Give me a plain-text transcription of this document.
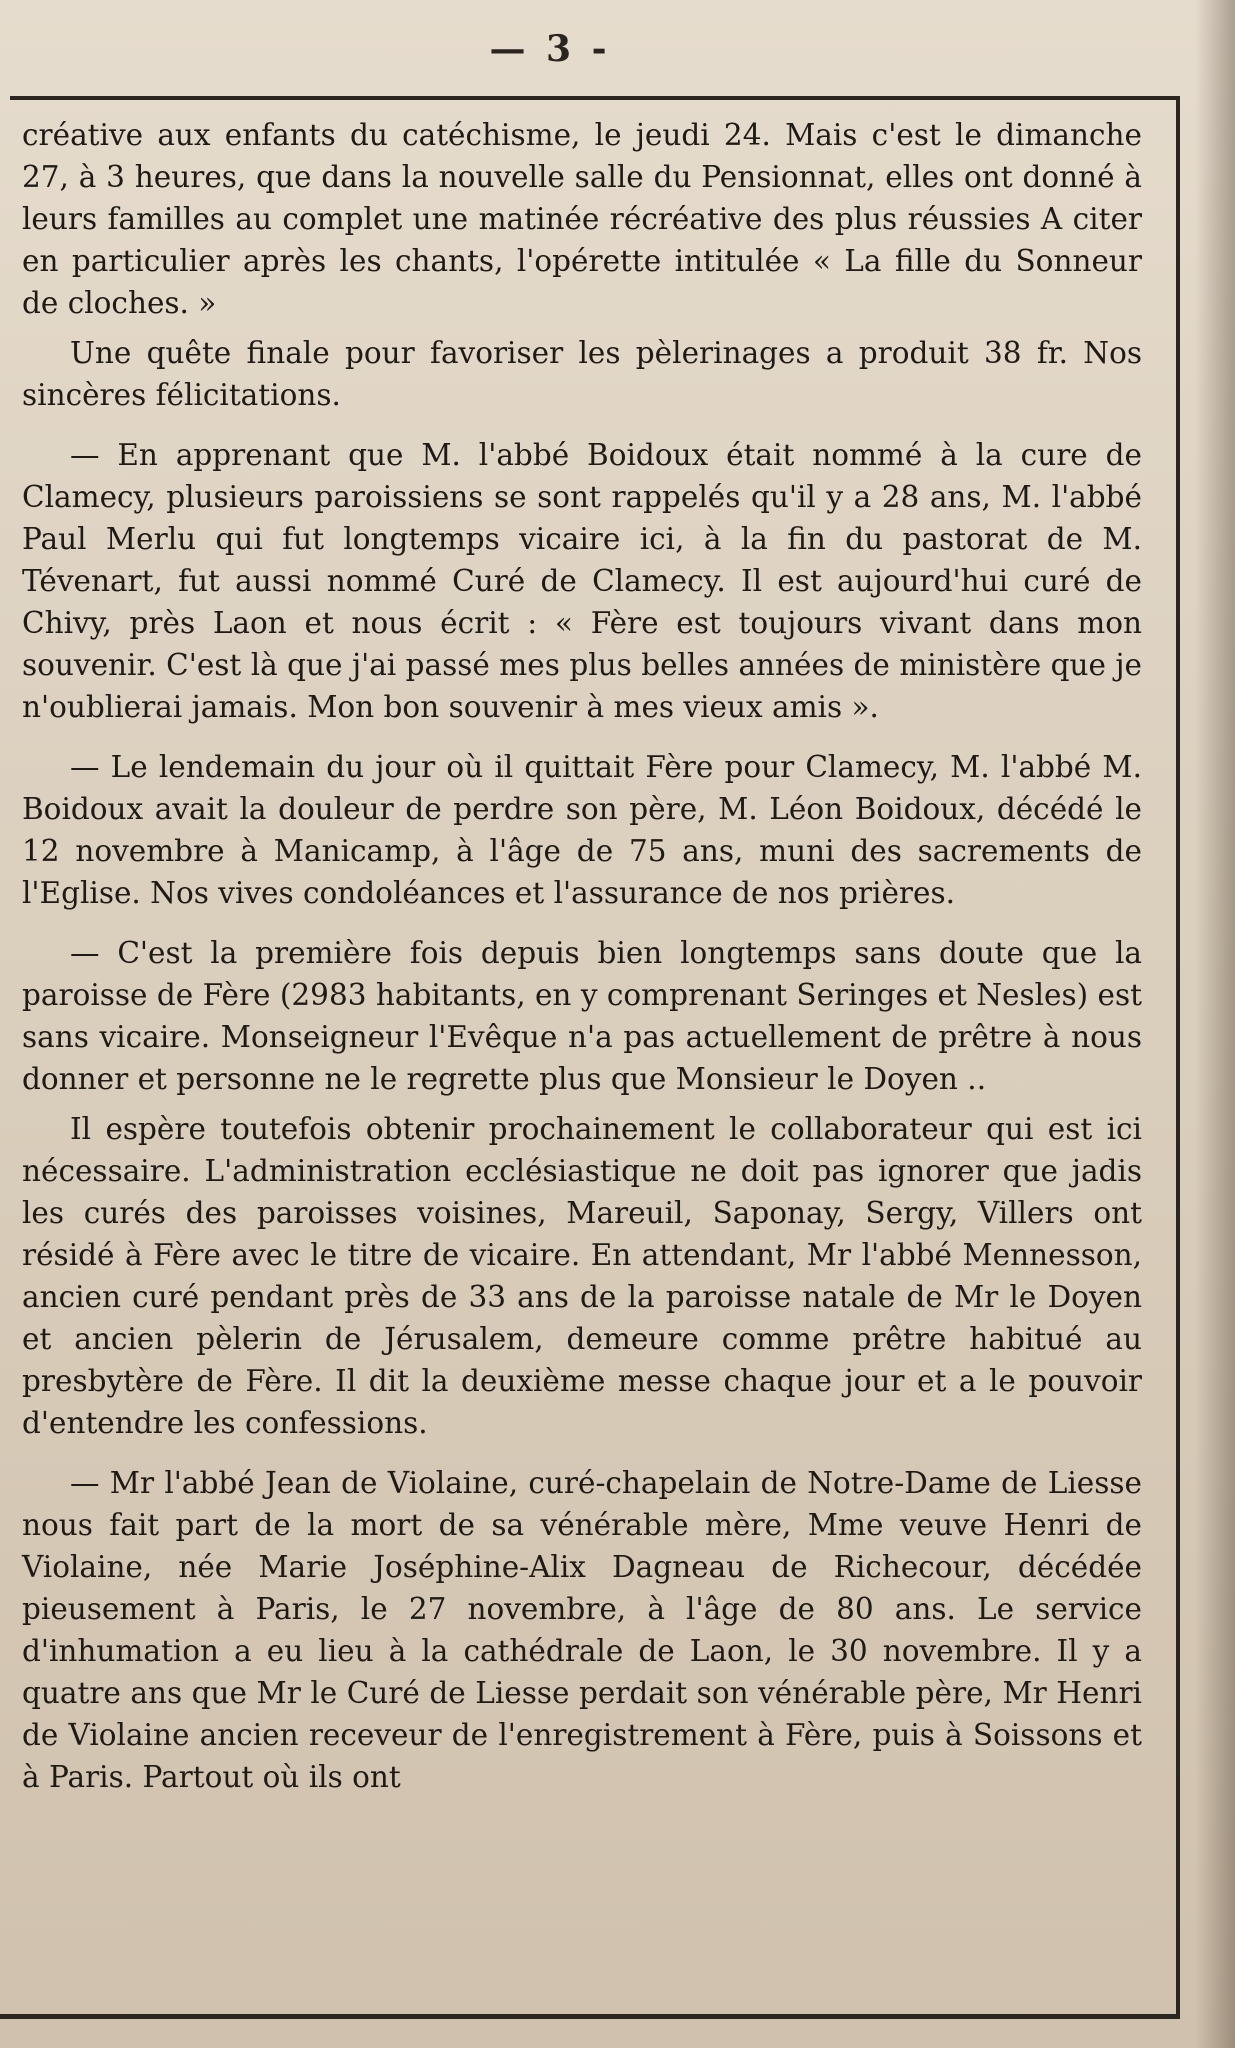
— 3 -

créative aux enfants du catéchisme, le jeudi 24. Mais c'est le dimanche 27, à 3 heures, que dans la nouvelle salle du Pensionnat, elles ont donné à leurs familles au complet une matinée récréative des plus réussies A citer en particulier après les chants, l'opérette intitulée « La fille du Sonneur de cloches. »

Une quête finale pour favoriser les pèlerinages a produit 38 fr. Nos sincères félicitations.

— En apprenant que M. l'abbé Boidoux était nommé à la cure de Clamecy, plusieurs paroissiens se sont rappelés qu'il y a 28 ans, M. l'abbé Paul Merlu qui fut longtemps vicaire ici, à la fin du pastorat de M. Tévenart, fut aussi nommé Curé de Clamecy. Il est aujourd'hui curé de Chivy, près Laon et nous écrit : « Fère est toujours vivant dans mon souvenir. C'est là que j'ai passé mes plus belles années de ministère que je n'oublierai jamais. Mon bon souvenir à mes vieux amis ».

— Le lendemain du jour où il quittait Fère pour Clamecy, M. l'abbé M. Boidoux avait la douleur de perdre son père, M. Léon Boidoux, décédé le 12 novembre à Manicamp, à l'âge de 75 ans, muni des sacrements de l'Eglise. Nos vives condoléances et l'assurance de nos prières.

— C'est la première fois depuis bien longtemps sans doute que la paroisse de Fère (2983 habitants, en y comprenant Seringes et Nesles) est sans vicaire. Monseigneur l'Evêque n'a pas actuellement de prêtre à nous donner et personne ne le regrette plus que Monsieur le Doyen ..

Il espère toutefois obtenir prochainement le collaborateur qui est ici nécessaire. L'administration ecclésiastique ne doit pas ignorer que jadis les curés des paroisses voisines, Mareuil, Saponay, Sergy, Villers ont résidé à Fère avec le titre de vicaire. En attendant, Mr l'abbé Mennesson, ancien curé pendant près de 33 ans de la paroisse natale de Mr le Doyen et ancien pèlerin de Jérusalem, demeure comme prêtre habitué au presbytère de Fère. Il dit la deuxième messe chaque jour et a le pouvoir d'entendre les confessions.

— Mr l'abbé Jean de Violaine, curé-chapelain de Notre-Dame de Liesse nous fait part de la mort de sa vénérable mère, Mme veuve Henri de Violaine, née Marie Joséphine-Alix Dagneau de Richecour, décédée pieusement à Paris, le 27 novembre, à l'âge de 80 ans. Le service d'inhumation a eu lieu à la cathédrale de Laon, le 30 novembre. Il y a quatre ans que Mr le Curé de Liesse perdait son vénérable père, Mr Henri de Violaine ancien receveur de l'enregistrement à Fère, puis à Soissons et à Paris. Partout où ils ont
